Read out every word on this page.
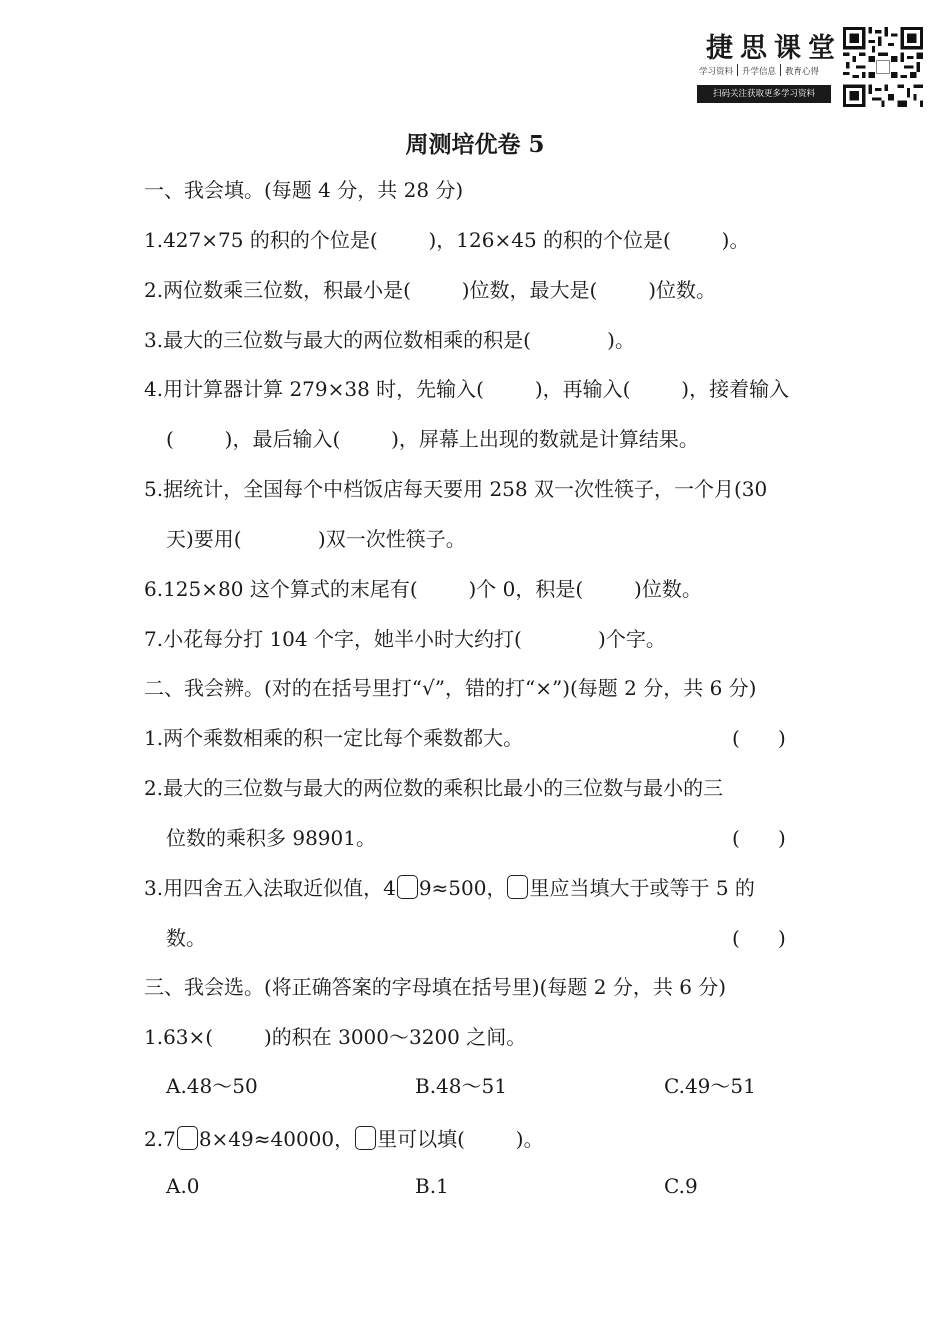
捷思课堂
学习资料 升学信息 教育心得
扫码关注获取更多学习资料
周测培优卷 5
一、我会填。(每题 4 分，共 28 分)
1.427×75 的积的个位是(        )，126×45 的积的个位是(        )。
2.两位数乘三位数，积最小是(        )位数，最大是(        )位数。
3.最大的三位数与最大的两位数相乘的积是(            )。
4.用计算器计算 279×38 时，先输入(        )，再输入(        )，接着输入
(        )，最后输入(        )，屏幕上出现的数就是计算结果。
5.据统计，全国每个中档饭店每天要用 258 双一次性筷子，一个月(30
天)要用(            )双一次性筷子。
6.125×80 这个算式的末尾有(        )个 0，积是(        )位数。
7.小花每分打 104 个字，她半小时大约打(            )个字。
二、我会辨。(对的在括号里打“√”，错的打“×”)(每题 2 分，共 6 分)
1.两个乘数相乘的积一定比每个乘数都大。	(      )
2.最大的三位数与最大的两位数的乘积比最小的三位数与最小的三
位数的乘积多 98901。	(      )
3.用四舍五入法取近似值，4 9≈500， 里应当填大于或等于 5 的
数。	(      )
三、我会选。(将正确答案的字母填在括号里)(每题 2 分，共 6 分)
1.63×(        )的积在 3000～3200 之间。
A.48～50	B.48～51	C.49～51
2.7 8×49≈40000， 里可以填(        )。
A.0	B.1	C.9
